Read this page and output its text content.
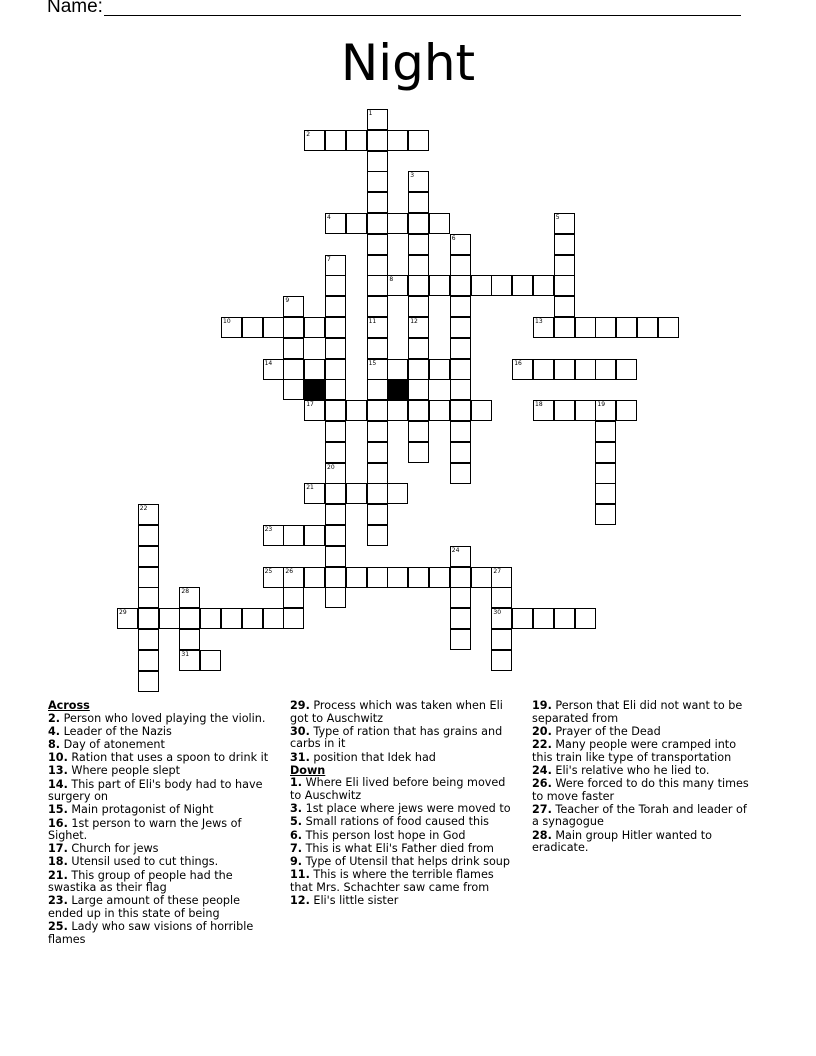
Name:
Night
1
2
3
12
4	5
6
7
20
8
9
10	11
15
13
14	16
17	18	19
21
22
23
24
25 26	27
30
28
31
29
Across
2. Person who loved playing the violin.
4. Leader of the Nazis
8. Day of atonement
10. Ration that uses a spoon to drink it
13. Where people slept
14. This part of Eli's body had to have surgery on
15. Main protagonist of Night
16. 1st person to warn the Jews of Sighet.
17. Church for jews
18. Utensil used to cut things.
21. This group of people had the swastika as their flag
23. Large amount of these people ended up in this state of being
25. Lady who saw visions of horrible flames
29. Process which was taken when Eli got to Auschwitz
30. Type of ration that has grains and carbs in it
31. position that Idek had
Down
1. Where Eli lived before being moved to Auschwitz
3. 1st place where jews were moved to
5. Small rations of food caused this
6. This person lost hope in God
7. This is what Eli's Father died from
9. Type of Utensil that helps drink soup
11. This is where the terrible flames that Mrs. Schachter saw came from
12. Eli's little sister
19. Person that Eli did not want to be separated from
20. Prayer of the Dead
22. Many people were cramped into this train like type of transportation
24. Eli's relative who he lied to.
26. Were forced to do this many times to move faster
27. Teacher of the Torah and leader of a synagogue
28. Main group Hitler wanted to eradicate.
